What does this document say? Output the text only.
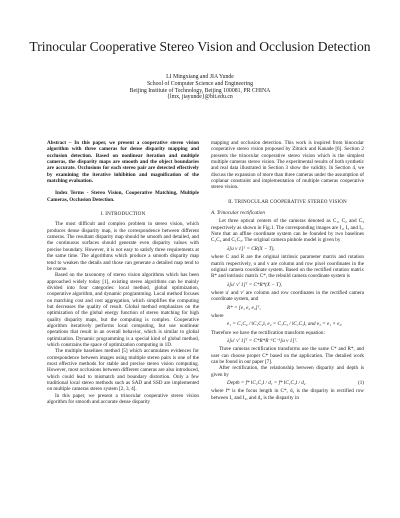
Trinocular Cooperative Stereo Vision and Occlusion Detection
LI Mingxiang and JIA Yunde
School of Computer Science and Engineering
Beijing Institute of Technology, Beijing 100081, PR CHINA
{lmx, jiayunde}@bit.edu.cn

Abstract – In this paper, we present a cooperative stereo vision algorithm with three cameras for dense disparity mapping and occlusion detection. Based on nonlinear iteration and multiple cameras, the disparity maps are smooth and the object boundaries are accurate. Occlusions for each stereo pair are detected effectively by examining the iterative inhibition and magnification of the matching evaluation.

Index Terms - Stereo Vision, Cooperative Matching, Multiple Cameras, Occlusion Detection.

I. INTRODUCTION

The most difficult and complex problem in stereo vision, which produces dense disparity map, is the correspondence between different cameras. The resultant disparity map should be smooth and detailed, and the continuous surfaces should generate even disparity values with precise boundary. However, it is not easy to satisfy three requirements at the same time. The algorithms which produce a smooth disparity map tend to weaken the details and those can generate a detailed map tend to be coarse.

Based on the taxonomy of stereo vision algorithms which has been approached widely today [1], existing stereo algorithms can be mainly divided into four categories: local method, global optimization, cooperative algorithm, and dynamic programming. Local method focuses on matching cost and cost aggregation, which simplifies the computing but decreases the quality of result. Global method emphasizes on the optimization of the global energy function of stereo matching for high quality disparity maps, but the computing is complex. Cooperative algorithm iteratively performs local computing, but use nonlinear operations that result in an overall behavior, which is similar to global optimization. Dynamic programming is a special kind of global method, which constrains the space of optimization computing in 1D.

The multiple baselines method [5] which accumulates evidences for correspondence between images using multiple stereo pairs is one of the most effective methods for stable and precise stereo vision computing. However, most occlusions between different cameras are also introduced, which could lead to mismatch and boundary distortion. Only a few traditional local stereo methods such as SAD and SSD are implemented on multiple cameras stereo system [2, 3, 4].

In this paper, we present a trinocular cooperative stereo vision algorithm for smooth and accurate dense disparity

mapping and occlusion detection. This work is inspired from binocular cooperative stereo vision proposed by Zitnick and Kanade [6]. Section 2 presents the trinocular cooperative stereo vision which is the simplest multiple cameras stereo vision. The experimental results of both synthetic and real data illustrated in Section 3 show the validity. In Section 4, we discuss the expansion of more than three cameras under the assumption of coplanar constraint and implementation of multiple cameras cooperative stereo vision.

II. TRINOCULAR COOPERATIVE STEREO VISION
A. Trinocular rectification

Let three optical centers of the cameras denoted as C₁, C₂ and C₃ respectively as shown in Fig.1. The corresponding images are I₁, I₂ and I₃. Note that an affine coordinate system can be founded by two baselines C₁C₂ and C₁C₃. The original camera pinhole model is given by

λ[u v 1]ᵀ = CR(X − T),

where C and R are the original intrinsic parameter matrix and rotation matrix respectively, u and v are column and row pixel coordinates in the original camera coordinate system. Based on the rectified rotation matrix R* and intrinsic matrix C*, the rebuild camera coordinate system is

λ[u′ v′ 1]ᵀ = C*R*(X − T),

where u′ and v′ are column and row coordinates in the rectified camera coordinate system, and

R* = [e₁ e₂ e₃]ᵀ,

where

e₁ = C₁C₂ / ‖C₁C₂‖, e₂ = C₁C₃ / ‖C₁C₃‖, and e₃ = e₁ × e₂.

Therefore we have the rectification transform equation:

λ[u′ v′ 1]ᵀ = C*R*R⁻¹C⁻¹[u v 1]ᵀ.

Three cameras rectification transforms use the same C* and R*, and user can choose proper C* based on the application. The detailed work can be found in our paper [7].

After rectification, the relationship between disparity and depth is given by

Depth = f* ‖C₁C₂‖ / d₁ = f* ‖C₁C₃‖ / d₂	(1)

where f* is the focus length in C*, d₁ is the disparity in rectified row between I₁ and I₂, and d₂ is the disparity in
